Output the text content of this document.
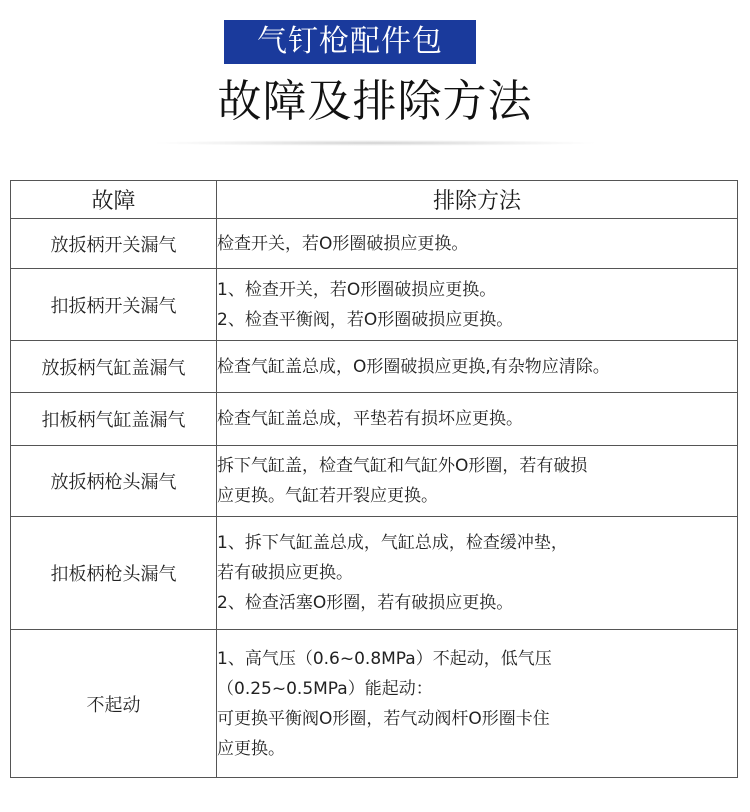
气钉枪配件包
故障及排除方法
故障	排除方法
放扳柄开关漏气	检查开关，若O形圈破损应更换。

扣扳柄开关漏气	1、检查开关，若O形圈破损应更换。
2、检查平衡阀，若O形圈破损应更换。

放扳柄气缸盖漏气	检查气缸盖总成，O形圈破损应更换,有杂物应清除。

扣板柄气缸盖漏气	检查气缸盖总成，平垫若有损坏应更换。

放扳柄枪头漏气	拆下气缸盖，检查气缸和气缸外O形圈，若有破损
应更换。气缸若开裂应更换。

扣板柄枪头漏气	1、拆下气缸盖总成，气缸总成，检查缓冲垫，
若有破损应更换。
2、检查活塞O形圈，若有破损应更换。

不起动	1、高气压（0.6~0.8MPa）不起动，低气压
（0.25~0.5MPa）能起动：
可更换平衡阀O形圈，若气动阀杆O形圈卡住
应更换。
